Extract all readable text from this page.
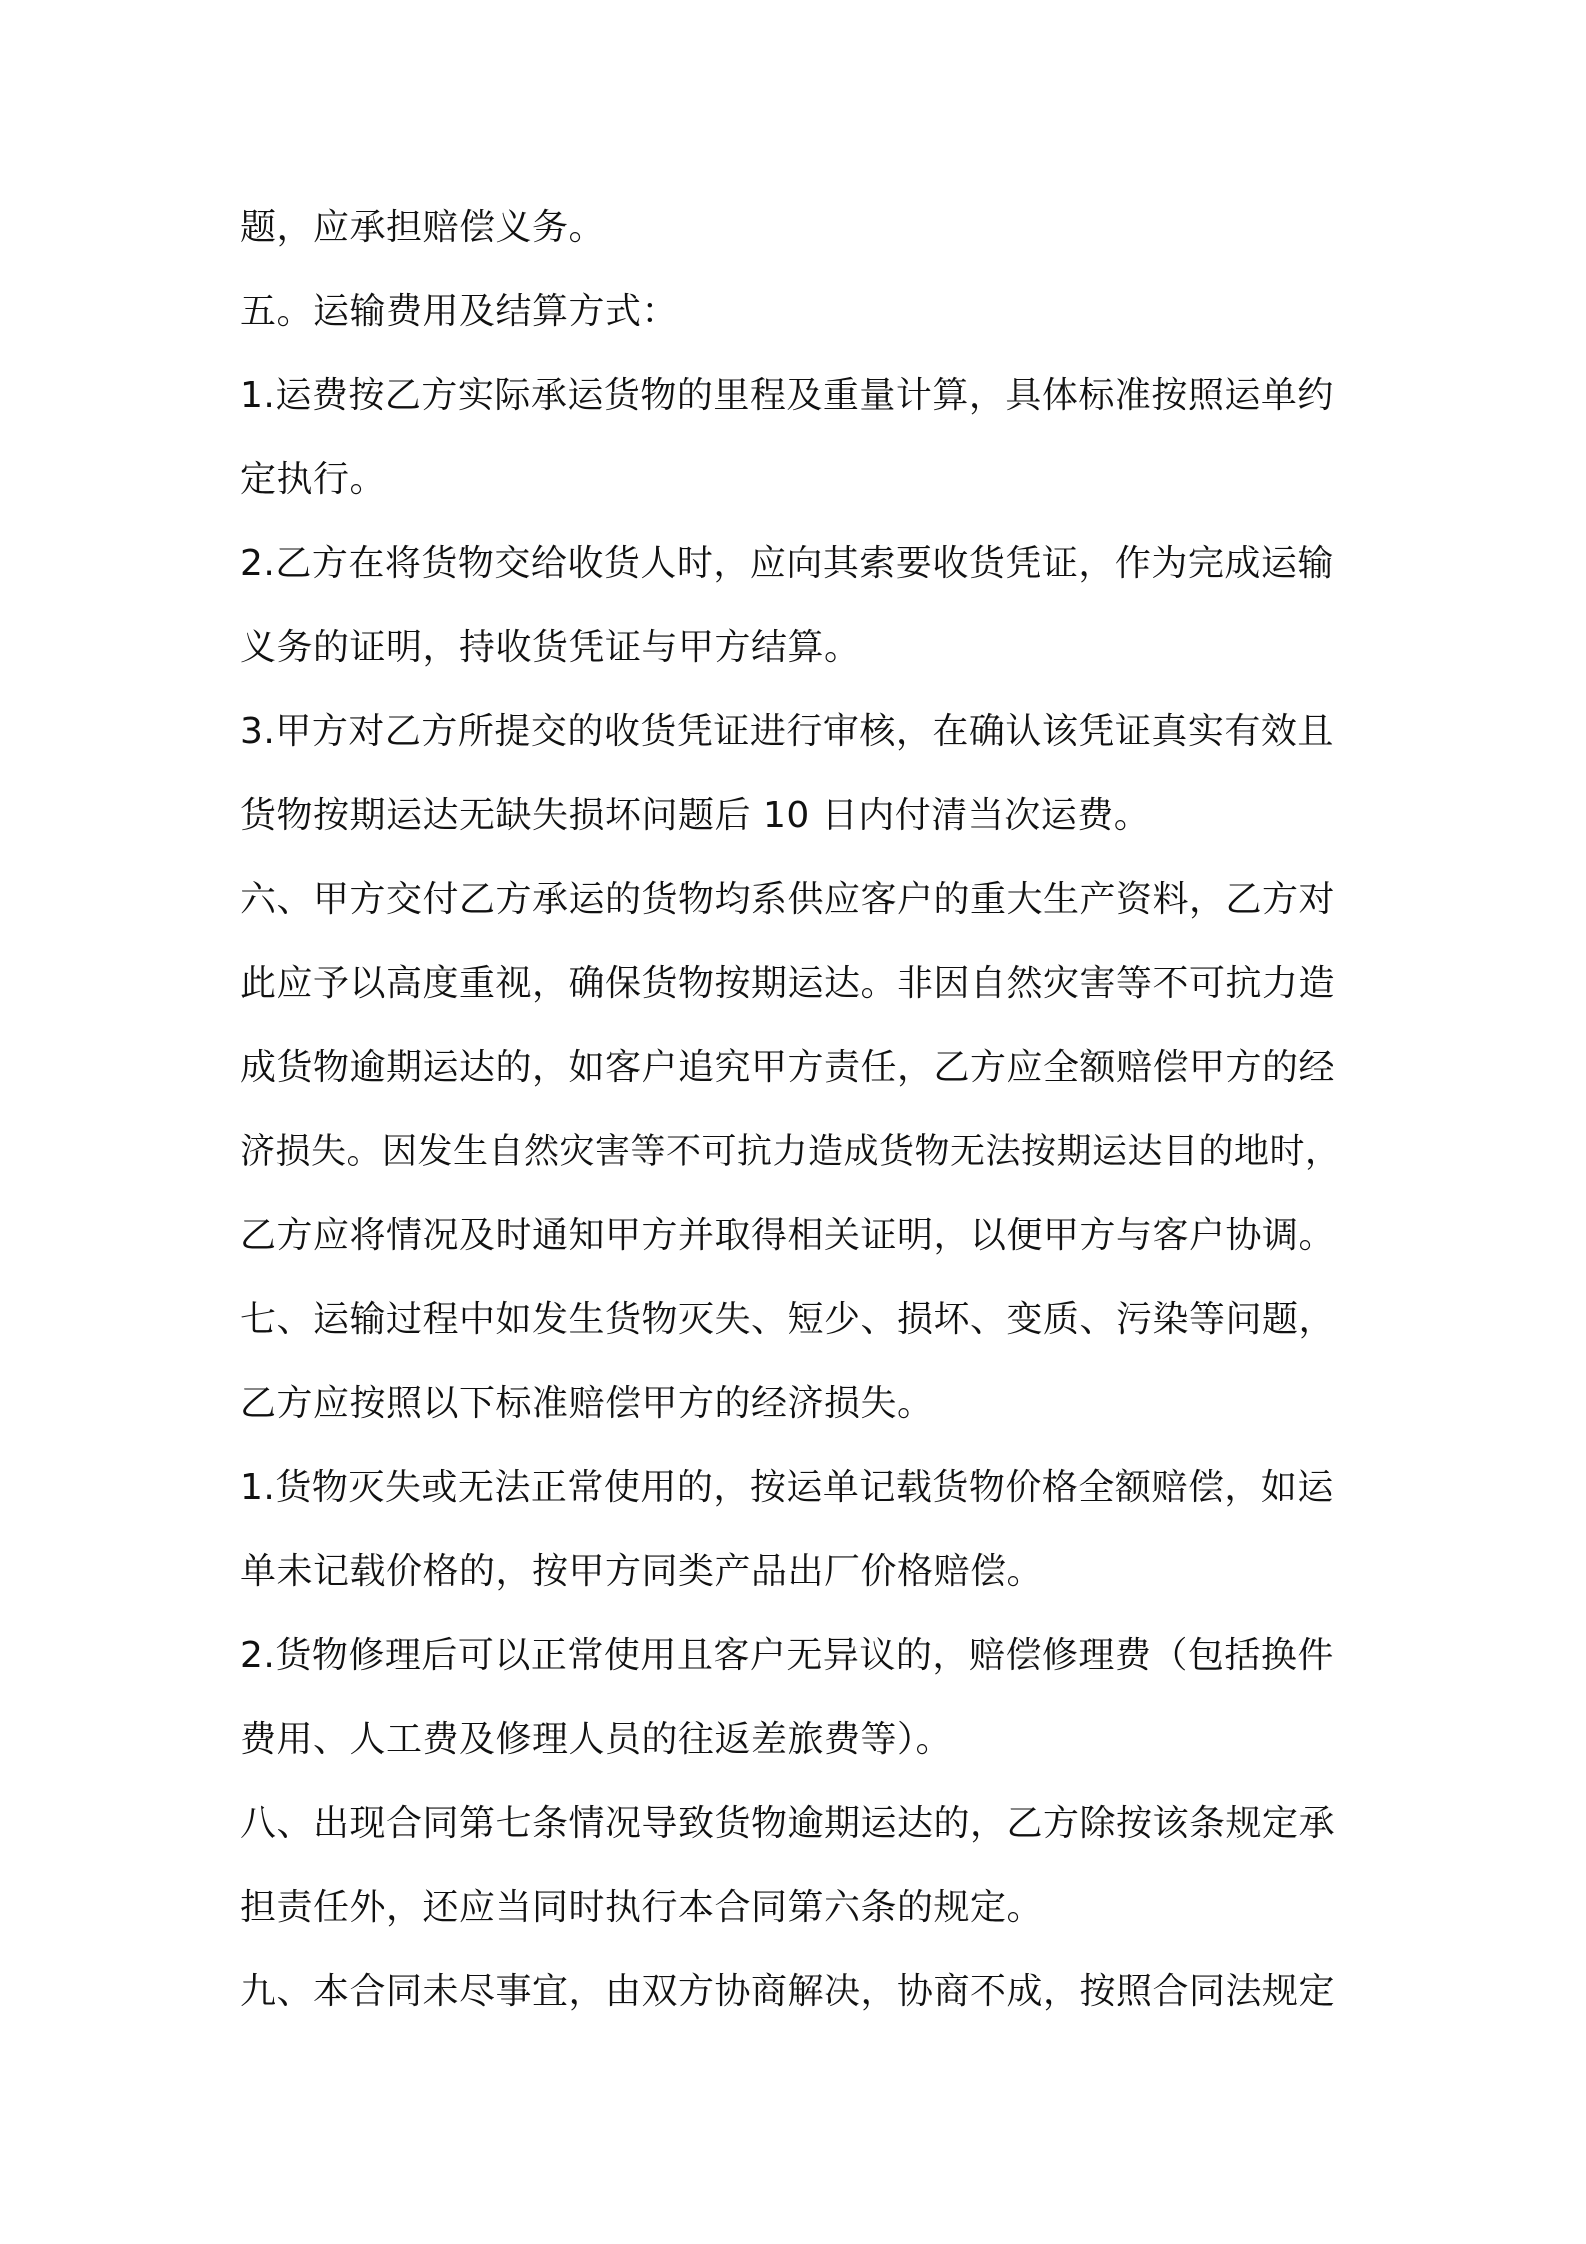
题，应承担赔偿义务。
五。运输费用及结算方式：
1.运费按乙方实际承运货物的里程及重量计算，具体标准按照运单约
定执行。
2.乙方在将货物交给收货人时，应向其索要收货凭证，作为完成运输
义务的证明，持收货凭证与甲方结算。
3.甲方对乙方所提交的收货凭证进行审核，在确认该凭证真实有效且
货物按期运达无缺失损坏问题后 10 日内付清当次运费。
六、甲方交付乙方承运的货物均系供应客户的重大生产资料，乙方对
此应予以高度重视，确保货物按期运达。非因自然灾害等不可抗力造
成货物逾期运达的，如客户追究甲方责任，乙方应全额赔偿甲方的经
济损失。因发生自然灾害等不可抗力造成货物无法按期运达目的地时，
乙方应将情况及时通知甲方并取得相关证明，以便甲方与客户协调。
七、运输过程中如发生货物灭失、短少、损坏、变质、污染等问题，
乙方应按照以下标准赔偿甲方的经济损失。
1.货物灭失或无法正常使用的，按运单记载货物价格全额赔偿，如运
单未记载价格的，按甲方同类产品出厂价格赔偿。
2.货物修理后可以正常使用且客户无异议的，赔偿修理费（包括换件
费用、人工费及修理人员的往返差旅费等）。
八、出现合同第七条情况导致货物逾期运达的，乙方除按该条规定承
担责任外，还应当同时执行本合同第六条的规定。
九、本合同未尽事宜，由双方协商解决，协商不成，按照合同法规定
